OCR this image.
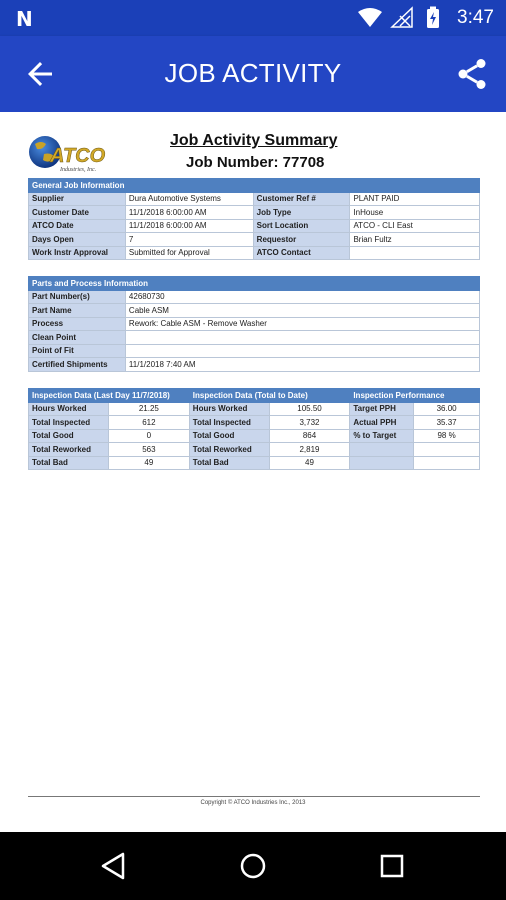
N	3:47
JOB ACTIVITY
ATCO
Industries, Inc.
Job Activity Summary
Job Number: 77708
General Job Information			
Supplier	Dura Automotive Systems	Customer Ref #	PLANT PAID
Customer Date	11/1/2018 6:00:00 AM	Job Type	InHouse
ATCO Date	11/1/2018 6:00:00 AM	Sort Location	ATCO - CLI East
Days Open	7	Requestor	Brian Fultz
Work Instr Approval	Submitted for Approval	ATCO Contact	
Parts and Process Information	
Part Number(s)	42680730
Part Name	Cable ASM
Process	Rework: Cable ASM - Remove Washer
Clean Point	
Point of Fit	
Certified Shipments	11/1/2018 7:40 AM
Inspection Data (Last Day 11/7/2018)		Inspection Data (Total to Date)		Inspection Performance	
Hours Worked	21.25	Hours Worked	105.50	Target PPH	36.00
Total Inspected	612	Total Inspected	3,732	Actual PPH	35.37
Total Good	0	Total Good	864	% to Target	98 %
Total Reworked	563	Total Reworked	2,819		
Total Bad	49	Total Bad	49		
Copyright © ATCO Industries Inc., 2013
